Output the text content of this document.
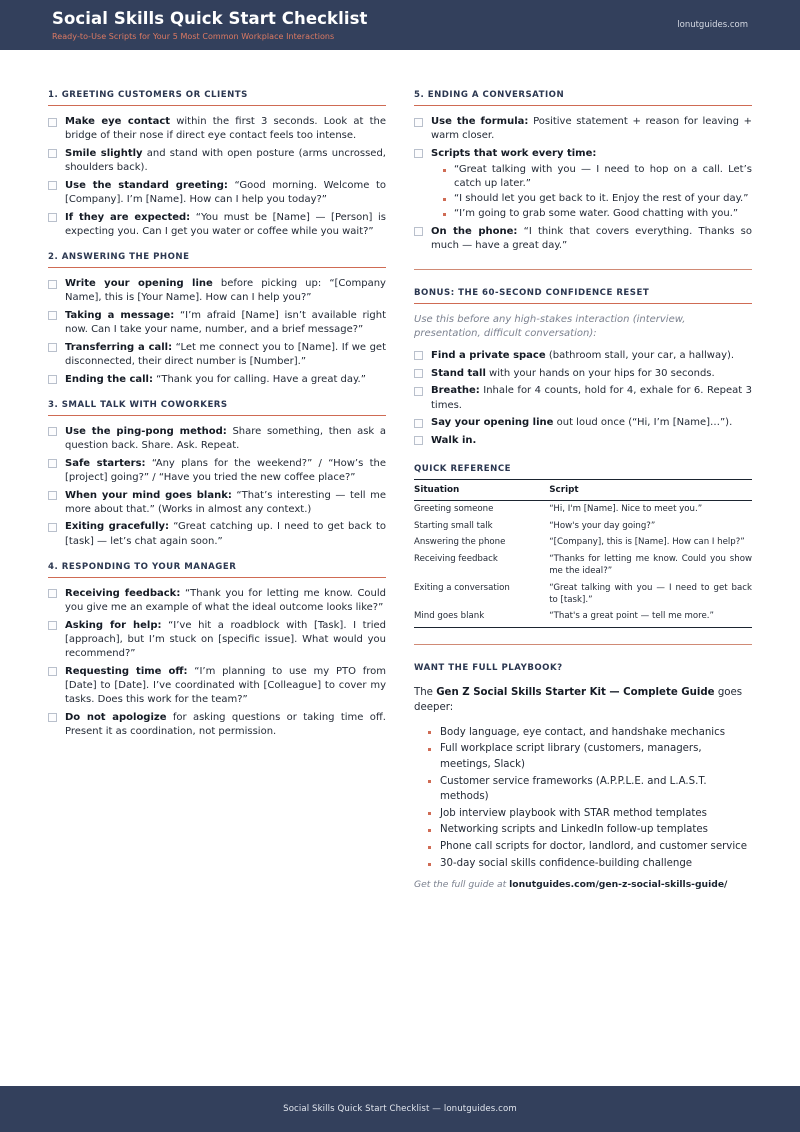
Social Skills Quick Start Checklist
Ready-to-Use Scripts for Your 5 Most Common Workplace Interactions
lonutguides.com
1. GREETING CUSTOMERS OR CLIENTS
Make eye contact within the first 3 seconds. Look at the bridge of their nose if direct eye contact feels too intense.
Smile slightly and stand with open posture (arms uncrossed, shoulders back).
Use the standard greeting: “Good morning. Welcome to [Company]. I’m [Name]. How can I help you today?”
If they are expected: “You must be [Name] — [Person] is expecting you. Can I get you water or coffee while you wait?”
2. ANSWERING THE PHONE
Write your opening line before picking up: “[Company Name], this is [Your Name]. How can I help you?”
Taking a message: “I’m afraid [Name] isn’t available right now. Can I take your name, number, and a brief message?”
Transferring a call: “Let me connect you to [Name]. If we get disconnected, their direct number is [Number].”
Ending the call: “Thank you for calling. Have a great day.”
3. SMALL TALK WITH COWORKERS
Use the ping-pong method: Share something, then ask a question back. Share. Ask. Repeat.
Safe starters: “Any plans for the weekend?” / “How’s the [project] going?” / “Have you tried the new coffee place?”
When your mind goes blank: “That’s interesting — tell me more about that.” (Works in almost any context.)
Exiting gracefully: “Great catching up. I need to get back to [task] — let’s chat again soon.”
4. RESPONDING TO YOUR MANAGER
Receiving feedback: “Thank you for letting me know. Could you give me an example of what the ideal outcome looks like?”
Asking for help: “I’ve hit a roadblock with [Task]. I tried [approach], but I’m stuck on [specific issue]. What would you recommend?”
Requesting time off: “I’m planning to use my PTO from [Date] to [Date]. I’ve coordinated with [Colleague] to cover my tasks. Does this work for the team?”
Do not apologize for asking questions or taking time off. Present it as coordination, not permission.
5. ENDING A CONVERSATION
Use the formula: Positive statement + reason for leaving + warm closer.
Scripts that work every time:
“Great talking with you — I need to hop on a call. Let’s catch up later.”
“I should let you get back to it. Enjoy the rest of your day.”
“I’m going to grab some water. Good chatting with you.”
On the phone: “I think that covers everything. Thanks so much — have a great day.”
BONUS: THE 60-SECOND CONFIDENCE RESET
Use this before any high-stakes interaction (interview, presentation, difficult conversation):
Find a private space (bathroom stall, your car, a hallway).
Stand tall with your hands on your hips for 30 seconds.
Breathe: Inhale for 4 counts, hold for 4, exhale for 6. Repeat 3 times.
Say your opening line out loud once (“Hi, I’m [Name]…”).
Walk in.
QUICK REFERENCE
Situation	Script
Greeting someone	“Hi, I'm [Name]. Nice to meet you.”
Starting small talk	“How's your day going?”
Answering the phone	“[Company], this is [Name]. How can I help?”
Receiving feedback	“Thanks for letting me know. Could you show me the ideal?”
Exiting a conversation	“Great talking with you — I need to get back to [task].”
Mind goes blank	“That's a great point — tell me more.”
WANT THE FULL PLAYBOOK?

The Gen Z Social Skills Starter Kit — Complete Guide goes deeper:

Body language, eye contact, and handshake mechanics
Full workplace script library (customers, managers, meetings, Slack)
Customer service frameworks (A.P.P.L.E. and L.A.S.T. methods)
Job interview playbook with STAR method templates
Networking scripts and LinkedIn follow-up templates
Phone call scripts for doctor, landlord, and customer service
30-day social skills confidence-building challenge
Get the full guide at lonutguides.com/gen-z-social-skills-guide/
Social Skills Quick Start Checklist — lonutguides.com
